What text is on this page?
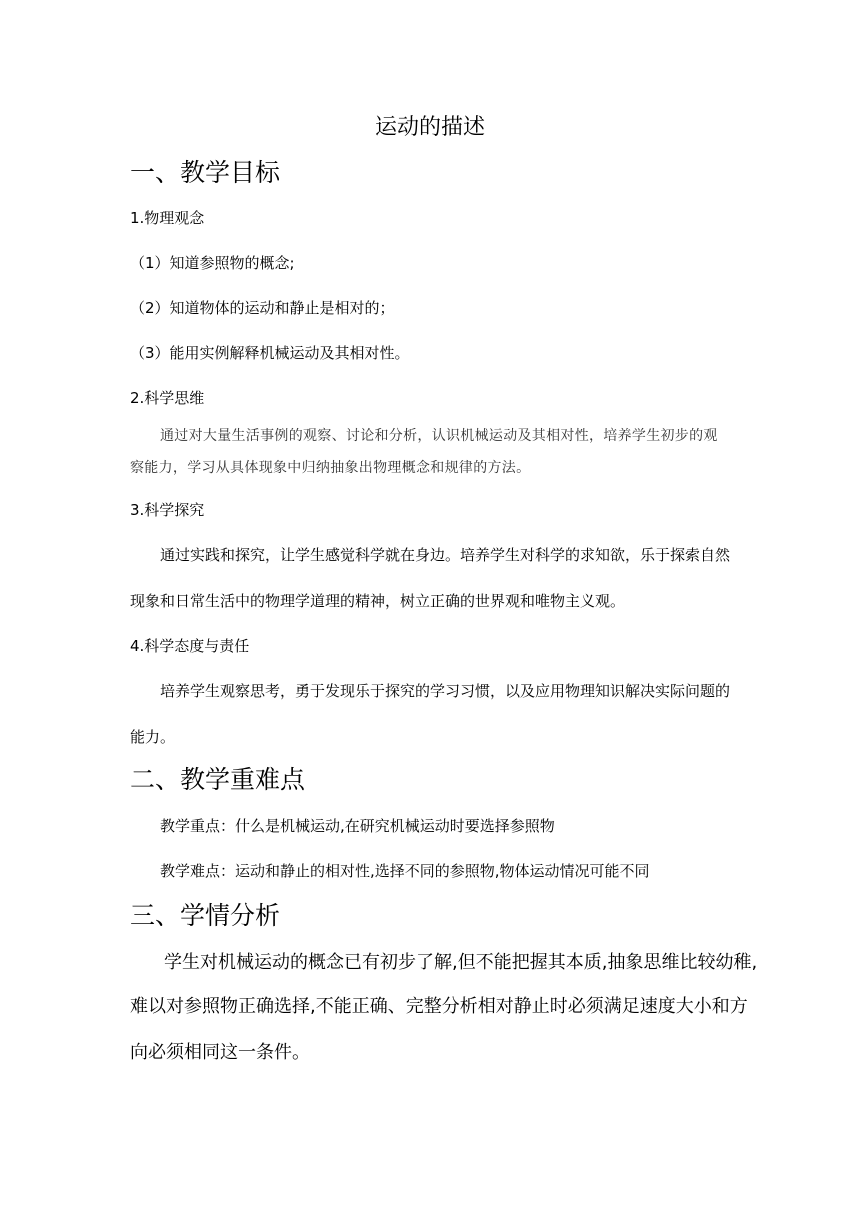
运动的描述
一、教学目标
1.物理观念
（1）知道参照物的概念;
（2）知道物体的运动和静止是相对的；
（3）能用实例解释机械运动及其相对性。
2.科学思维
通过对大量生活事例的观察、讨论和分析，认识机械运动及其相对性，培养学生初步的观察能力，学习从具体现象中归纳抽象出物理概念和规律的方法。
3.科学探究
通过实践和探究，让学生感觉科学就在身边。培养学生对科学的求知欲，乐于探索自然
现象和日常生活中的物理学道理的精神，树立正确的世界观和唯物主义观。
4.科学态度与责任
培养学生观察思考，勇于发现乐于探究的学习习惯，以及应用物理知识解决实际问题的
能力。
二、教学重难点
教学重点：什么是机械运动,在研究机械运动时要选择参照物
教学难点：运动和静止的相对性,选择不同的参照物,物体运动情况可能不同
三、学情分析
学生对机械运动的概念已有初步了解,但不能把握其本质,抽象思维比较幼稚,
难以对参照物正确选择,不能正确、完整分析相对静止时必须满足速度大小和方
向必须相同这一条件。
